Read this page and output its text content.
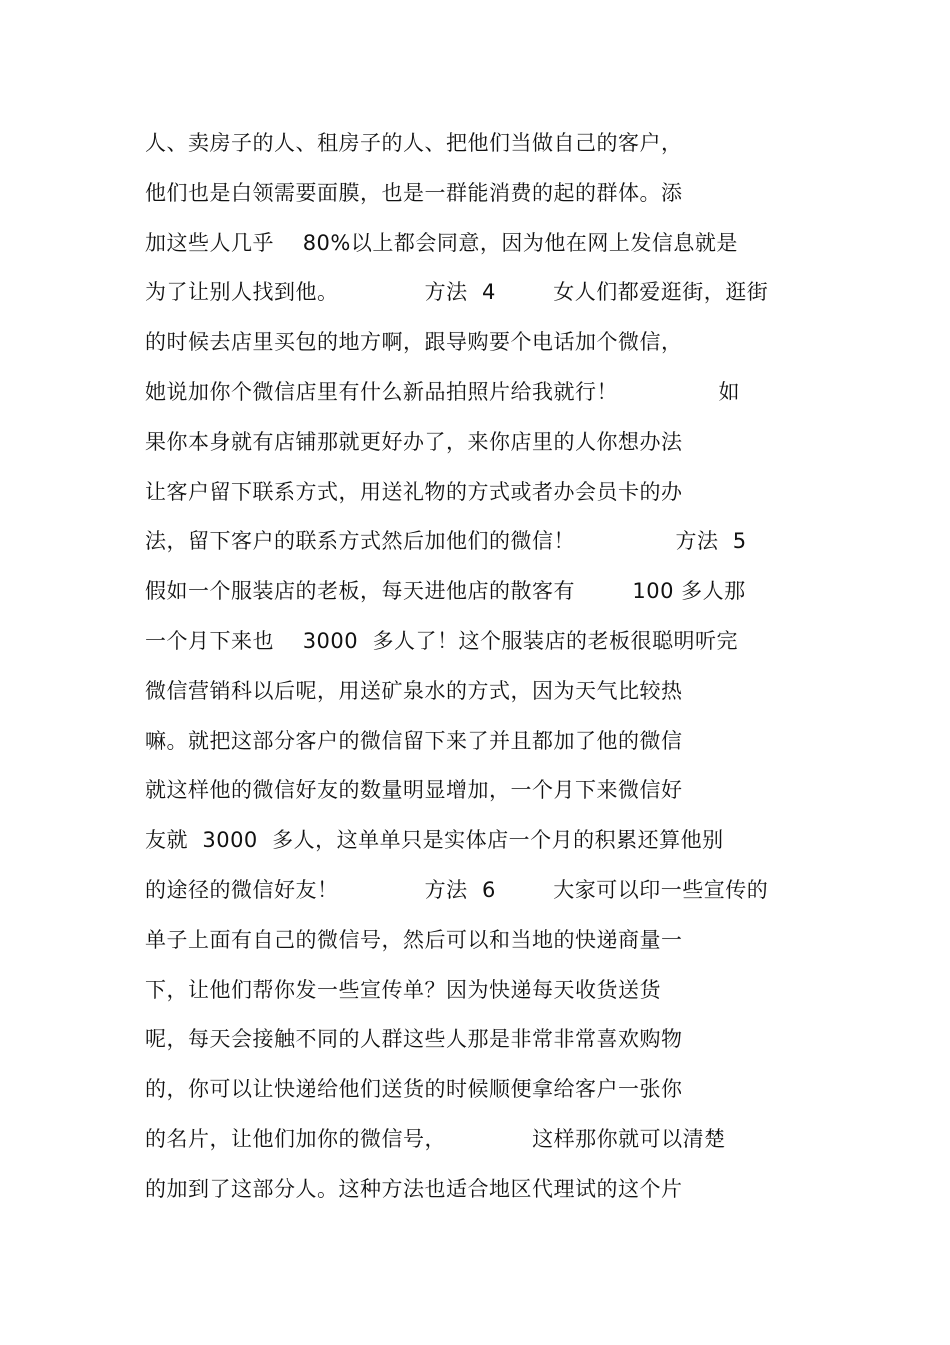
人、卖房子的人、租房子的人、把他们当做自己的客户，
他们也是白领需要面膜，也是一群能消费的起的群体。添
加这些人几乎    80%以上都会同意，因为他在网上发信息就是
为了让别人找到他。            方法  4        女人们都爱逛街，逛街
的时候去店里买包的地方啊，跟导购要个电话加个微信，
她说加你个微信店里有什么新品拍照片给我就行！              如
果你本身就有店铺那就更好办了，来你店里的人你想办法
让客户留下联系方式，用送礼物的方式或者办会员卡的办
法，留下客户的联系方式然后加他们的微信！              方法  5
假如一个服装店的老板，每天进他店的散客有        100 多人那
一个月下来也    3000  多人了！这个服装店的老板很聪明听完
微信营销科以后呢，用送矿泉水的方式，因为天气比较热
嘛。就把这部分客户的微信留下来了并且都加了他的微信
就这样他的微信好友的数量明显增加，一个月下来微信好
友就  3000  多人，这单单只是实体店一个月的积累还算他别
的途径的微信好友！            方法  6        大家可以印一些宣传的
单子上面有自己的微信号，然后可以和当地的快递商量一
下，让他们帮你发一些宣传单？因为快递每天收货送货
呢，每天会接触不同的人群这些人那是非常非常喜欢购物
的，你可以让快递给他们送货的时候顺便拿给客户一张你
的名片，让他们加你的微信号，            这样那你就可以清楚
的加到了这部分人。这种方法也适合地区代理试的这个片
